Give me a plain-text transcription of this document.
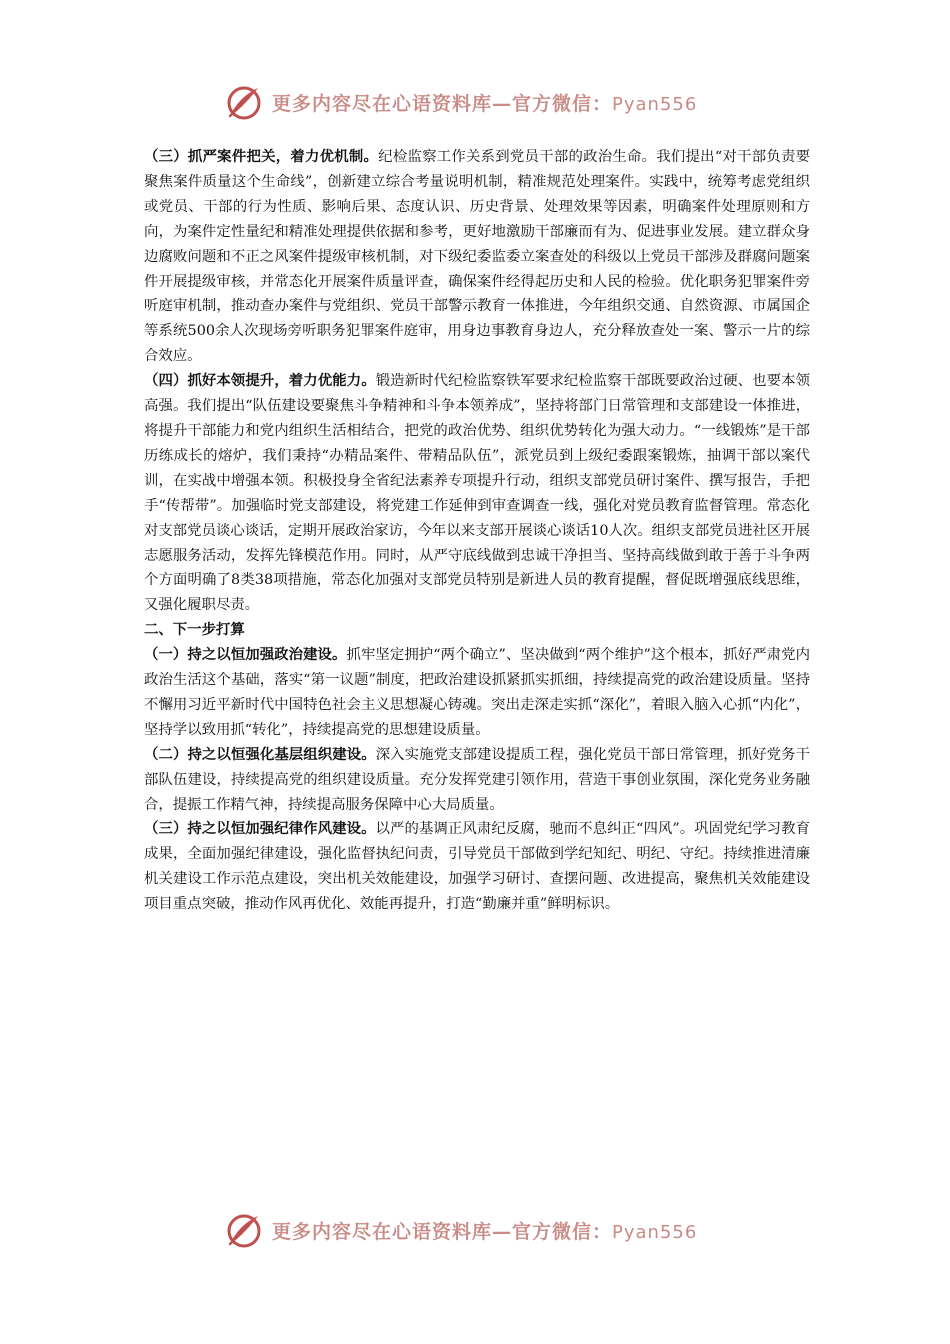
更多内容尽在心语资料库—官方微信：Pyan556

（三）抓严案件把关，着力优机制。纪检监察工作关系到党员干部的政治生命。我们提出“对干部负责要聚焦案件质量这个生命线”，创新建立综合考量说明机制，精准规范处理案件。实践中，统筹考虑党组织或党员、干部的行为性质、影响后果、态度认识、历史背景、处理效果等因素，明确案件处理原则和方向，为案件定性量纪和精准处理提供依据和参考，更好地激励干部廉而有为、促进事业发展。建立群众身边腐败问题和不正之风案件提级审核机制，对下级纪委监委立案查处的科级以上党员干部涉及群腐问题案件开展提级审核，并常态化开展案件质量评查，确保案件经得起历史和人民的检验。优化职务犯罪案件旁听庭审机制，推动查办案件与党组织、党员干部警示教育一体推进，今年组织交通、自然资源、市属国企等系统500余人次现场旁听职务犯罪案件庭审，用身边事教育身边人，充分释放查处一案、警示一片的综合效应。

（四）抓好本领提升，着力优能力。锻造新时代纪检监察铁军要求纪检监察干部既要政治过硬、也要本领高强。我们提出“队伍建设要聚焦斗争精神和斗争本领养成”，坚持将部门日常管理和支部建设一体推进，将提升干部能力和党内组织生活相结合，把党的政治优势、组织优势转化为强大动力。“一线锻炼”是干部历练成长的熔炉，我们秉持“办精品案件、带精品队伍”，派党员到上级纪委跟案锻炼，抽调干部以案代训，在实战中增强本领。积极投身全省纪法素养专项提升行动，组织支部党员研讨案件、撰写报告，手把手“传帮带”。加强临时党支部建设，将党建工作延伸到审查调查一线，强化对党员教育监督管理。常态化对支部党员谈心谈话，定期开展政治家访，今年以来支部开展谈心谈话10人次。组织支部党员进社区开展志愿服务活动，发挥先锋模范作用。同时，从严守底线做到忠诚干净担当、坚持高线做到敢于善于斗争两个方面明确了8类38项措施，常态化加强对支部党员特别是新进人员的教育提醒，督促既增强底线思维，又强化履职尽责。

二、下一步打算

（一）持之以恒加强政治建设。抓牢坚定拥护“两个确立”、坚决做到“两个维护”这个根本，抓好严肃党内政治生活这个基础，落实“第一议题”制度，把政治建设抓紧抓实抓细，持续提高党的政治建设质量。坚持不懈用习近平新时代中国特色社会主义思想凝心铸魂。突出走深走实抓“深化”，着眼入脑入心抓“内化”，坚持学以致用抓“转化”，持续提高党的思想建设质量。

（二）持之以恒强化基层组织建设。深入实施党支部建设提质工程，强化党员干部日常管理，抓好党务干部队伍建设，持续提高党的组织建设质量。充分发挥党建引领作用，营造干事创业氛围，深化党务业务融合，提振工作精气神，持续提高服务保障中心大局质量。

（三）持之以恒加强纪律作风建设。以严的基调正风肃纪反腐，驰而不息纠正“四风”。巩固党纪学习教育成果，全面加强纪律建设，强化监督执纪问责，引导党员干部做到学纪知纪、明纪、守纪。持续推进清廉机关建设工作示范点建设，突出机关效能建设，加强学习研讨、查摆问题、改进提高，聚焦机关效能建设项目重点突破，推动作风再优化、效能再提升，打造“勤廉并重”鲜明标识。

更多内容尽在心语资料库—官方微信：Pyan556
